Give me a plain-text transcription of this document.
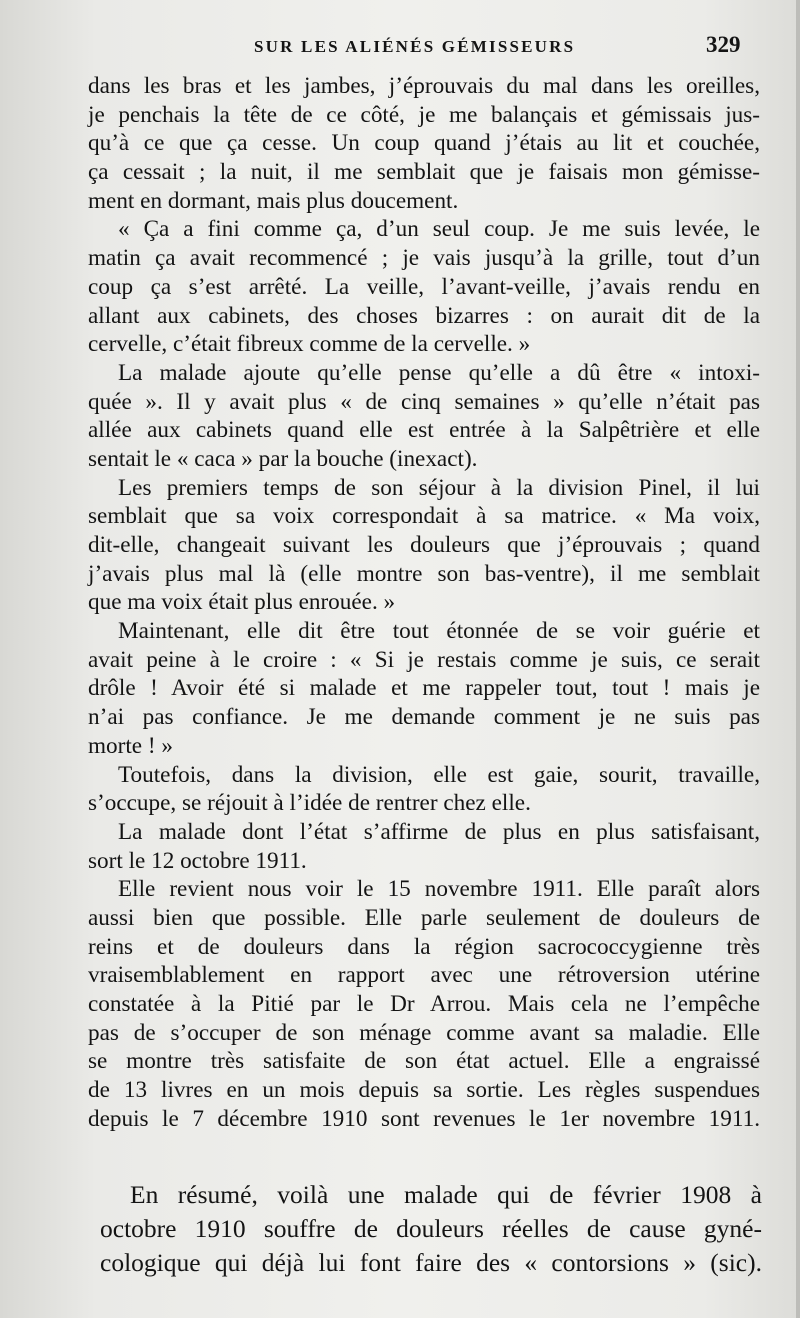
SUR LES ALIÉNÉS GÉMISSEURS	329
dans les bras et les jambes, j’éprouvais du mal dans les oreilles,
je penchais la tête de ce côté, je me balançais et gémissais jus-
qu’à ce que ça cesse. Un coup quand j’étais au lit et couchée,
ça cessait ; la nuit, il me semblait que je faisais mon gémisse-
ment en dormant, mais plus doucement.
« Ça a fini comme ça, d’un seul coup. Je me suis levée, le
matin ça avait recommencé ; je vais jusqu’à la grille, tout d’un
coup ça s’est arrêté. La veille, l’avant-veille, j’avais rendu en
allant aux cabinets, des choses bizarres : on aurait dit de la
cervelle, c’était fibreux comme de la cervelle. »
La malade ajoute qu’elle pense qu’elle a dû être « intoxi-
quée ». Il y avait plus « de cinq semaines » qu’elle n’était pas
allée aux cabinets quand elle est entrée à la Salpêtrière et elle
sentait le « caca » par la bouche (inexact).
Les premiers temps de son séjour à la division Pinel, il lui
semblait que sa voix correspondait à sa matrice. « Ma voix,
dit-elle, changeait suivant les douleurs que j’éprouvais ; quand
j’avais plus mal là (elle montre son bas-ventre), il me semblait
que ma voix était plus enrouée. »
Maintenant, elle dit être tout étonnée de se voir guérie et
avait peine à le croire : « Si je restais comme je suis, ce serait
drôle ! Avoir été si malade et me rappeler tout, tout ! mais je
n’ai pas confiance. Je me demande comment je ne suis pas
morte ! »
Toutefois, dans la division, elle est gaie, sourit, travaille,
s’occupe, se réjouit à l’idée de rentrer chez elle.
La malade dont l’état s’affirme de plus en plus satisfaisant,
sort le 12 octobre 1911.
Elle revient nous voir le 15 novembre 1911. Elle paraît alors
aussi bien que possible. Elle parle seulement de douleurs de
reins et de douleurs dans la région sacrococcygienne très
vraisemblablement en rapport avec une rétroversion utérine
constatée à la Pitié par le Dr Arrou. Mais cela ne l’empêche
pas de s’occuper de son ménage comme avant sa maladie. Elle
se montre très satisfaite de son état actuel. Elle a engraissé
de 13 livres en un mois depuis sa sortie. Les règles suspendues
depuis le 7 décembre 1910 sont revenues le 1er novembre 1911.
En résumé, voilà une malade qui de février 1908 à
octobre 1910 souffre de douleurs réelles de cause gyné-
cologique qui déjà lui font faire des « contorsions » (sic).
